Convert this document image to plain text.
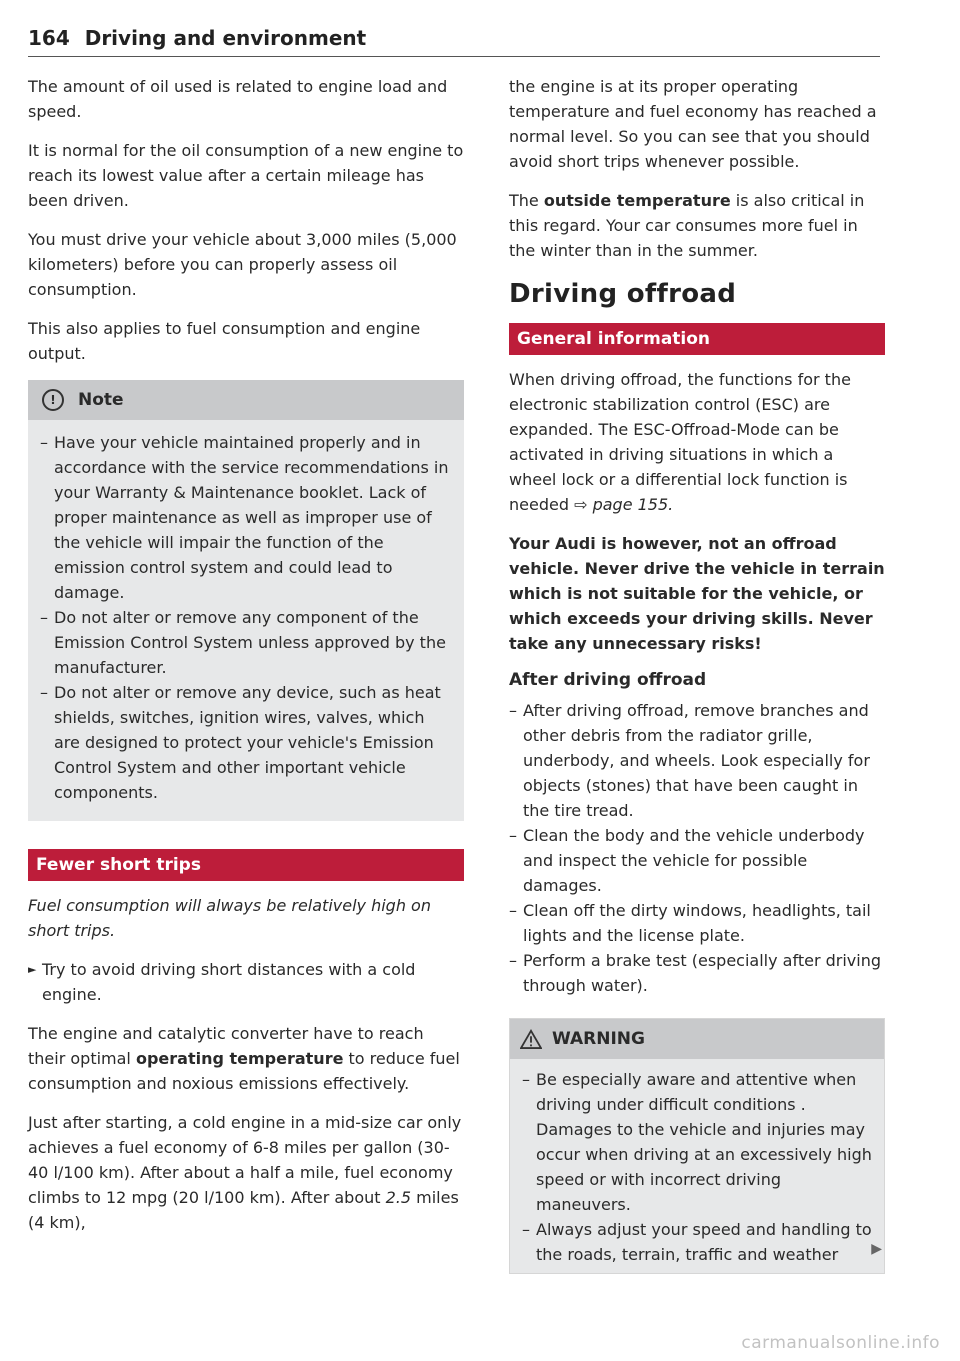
164 Driving and environment

The amount of oil used is related to engine load and speed.

It is normal for the oil consumption of a new engine to reach its lowest value after a certain mileage has been driven.

You must drive your vehicle about 3,000 miles (5,000 kilometers) before you can properly assess oil consumption.

This also applies to fuel consumption and engine output.

!	Note
– Have your vehicle maintained properly and in accordance with the service recommendations in your Warranty & Maintenance booklet. Lack of proper maintenance as well as improper use of the vehicle will impair the function of the emission control system and could lead to damage.
– Do not alter or remove any component of the Emission Control System unless approved by the manufacturer.
– Do not alter or remove any device, such as heat shields, switches, ignition wires, valves, which are designed to protect your vehicle's Emission Control System and other important vehicle components.
Fewer short trips

Fuel consumption will always be relatively high on short trips.

► Try to avoid driving short distances with a cold engine.

The engine and catalytic converter have to reach their optimal operating temperature to reduce fuel consumption and noxious emissions effectively.

Just after starting, a cold engine in a mid-size car only achieves a fuel economy of 6-8 miles per gallon (30-40 l/100 km). After about a half a mile, fuel economy climbs to 12 mpg (20 l/100 km). After about 2.5 miles (4 km),

the engine is at its proper operating temperature and fuel economy has reached a normal level. So you can see that you should avoid short trips whenever possible.

The outside temperature is also critical in this regard. Your car consumes more fuel in the winter than in the summer.

Driving offroad
General information

When driving offroad, the functions for the electronic stabilization control (ESC) are expanded. The ESC-Offroad-Mode can be activated in driving situations in which a wheel lock or a differential lock function is needed ⇨ page 155.

Your Audi is however, not an offroad vehicle. Never drive the vehicle in terrain which is not suitable for the vehicle, or which exceeds your driving skills. Never take any unnecessary risks!

After driving offroad
– After driving offroad, remove branches and other debris from the radiator grille, underbody, and wheels. Look especially for objects (stones) that have been caught in the tire tread.
– Clean the body and the vehicle underbody and inspect the vehicle for possible damages.
– Clean off the dirty windows, headlights, tail lights and the license plate.
– Perform a brake test (especially after driving through water).
WARNING
– Be especially aware and attentive when driving under difficult conditions . Damages to the vehicle and injuries may occur when driving at an excessively high speed or with incorrect driving maneuvers.
– Always adjust your speed and handling to the roads, terrain, traffic and weather	▶
carmanualsonline.info
